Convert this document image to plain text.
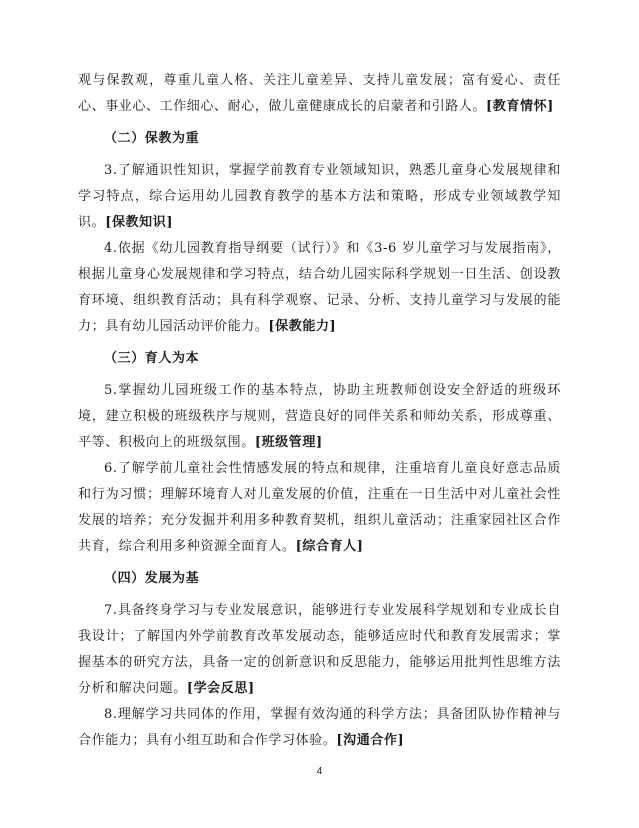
观与保教观，尊重儿童人格、关注儿童差异、支持儿童发展；富有爱心、责任心、事业心、工作细心、耐心，做儿童健康成长的启蒙者和引路人。[教育情怀]

（二）保教为重

3.了解通识性知识，掌握学前教育专业领域知识，熟悉儿童身心发展规律和学习特点，综合运用幼儿园教育教学的基本方法和策略，形成专业领域教学知识。[保教知识]

4.依据《幼儿园教育指导纲要（试行）》和《3-6 岁儿童学习与发展指南》，根据儿童身心发展规律和学习特点，结合幼儿园实际科学规划一日生活、创设教育环境、组织教育活动；具有科学观察、记录、分析、支持儿童学习与发展的能力；具有幼儿园活动评价能力。[保教能力]

（三）育人为本

5.掌握幼儿园班级工作的基本特点，协助主班教师创设安全舒适的班级环境，建立积极的班级秩序与规则，营造良好的同伴关系和师幼关系，形成尊重、平等、积极向上的班级氛围。[班级管理]

6.了解学前儿童社会性情感发展的特点和规律，注重培育儿童良好意志品质和行为习惯；理解环境育人对儿童发展的价值，注重在一日生活中对儿童社会性发展的培养；充分发掘并利用多种教育契机，组织儿童活动；注重家园社区合作共育，综合利用多种资源全面育人。[综合育人]

（四）发展为基

7.具备终身学习与专业发展意识，能够进行专业发展科学规划和专业成长自我设计；了解国内外学前教育改革发展动态，能够适应时代和教育发展需求；掌握基本的研究方法，具备一定的创新意识和反思能力，能够运用批判性思维方法分析和解决问题。[学会反思]

8.理解学习共同体的作用，掌握有效沟通的科学方法；具备团队协作精神与合作能力；具有小组互助和合作学习体验。[沟通合作]

4
